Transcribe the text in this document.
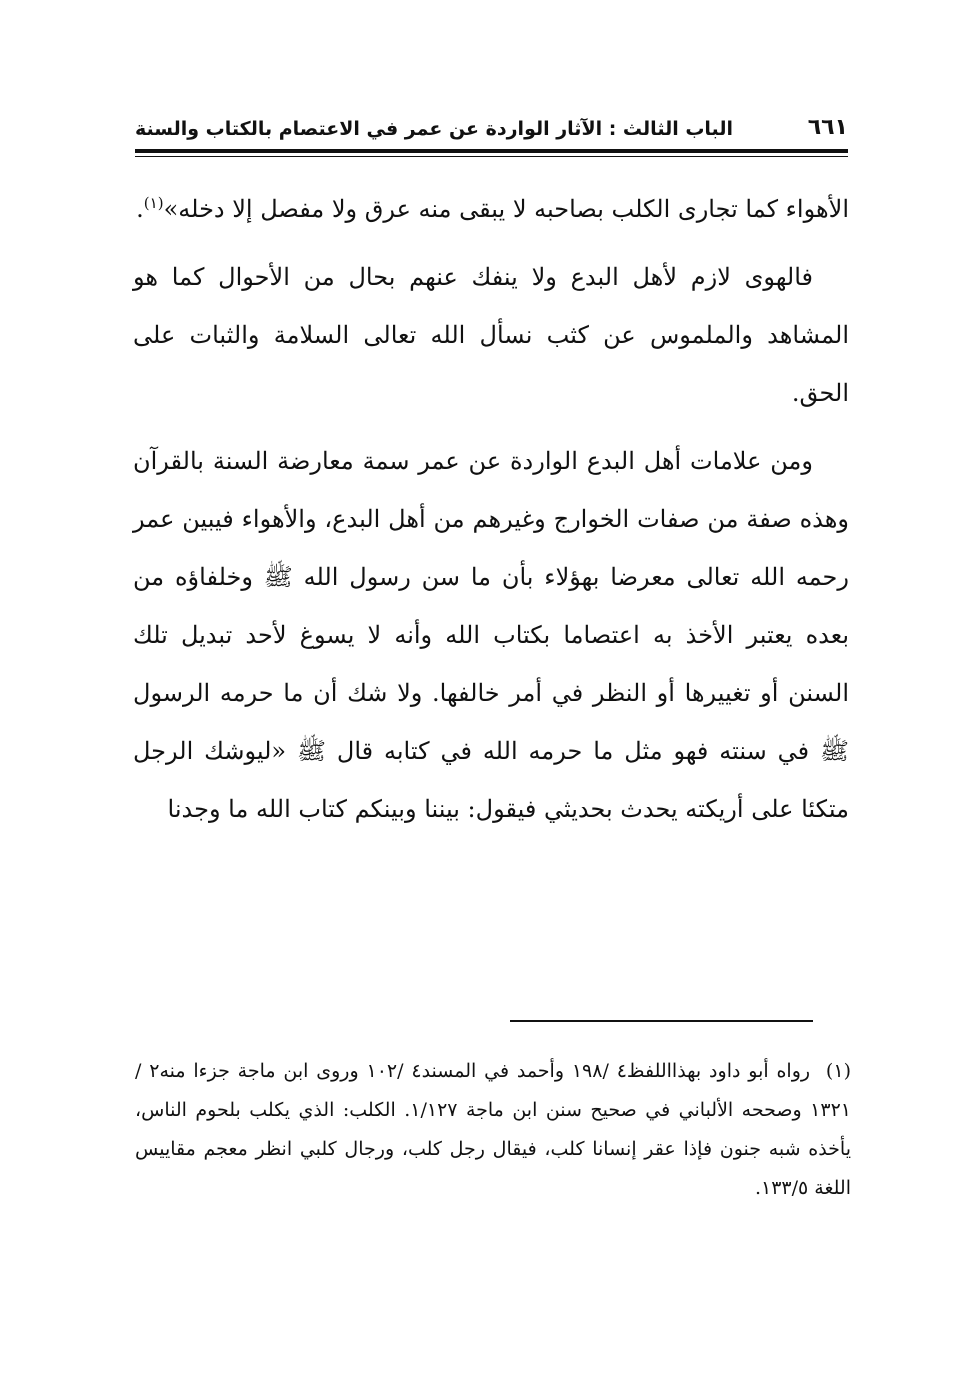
٦٦١
الباب الثالث : الآثار الواردة عن عمر في الاعتصام بالكتاب والسنة

الأهواء كما تجارى الكلب بصاحبه لا يبقى منه عرق ولا مفصل إلا دخله»$^{(١)}$.

فالهوى لازم لأهل البدع ولا ينفك عنهم بحال من الأحوال كما هو المشاهد والملموس عن كثب نسأل الله تعالى السلامة والثبات على الحق.

ومن علامات أهل البدع الواردة عن عمر سمة معارضة السنة بالقرآن وهذه صفة من صفات الخوارج وغيرهم من أهل البدع، والأهواء فيبين عمر رحمه الله تعالى معرضا بهؤلاء بأن ما سن رسول الله ﷺ وخلفاؤه من بعده يعتبر الأخذ به اعتصاما بكتاب الله وأنه لا يسوغ لأحد تبديل تلك السنن أو تغييرها أو النظر في أمر خالفها. ولا شك أن ما حرمه الرسول ﷺ في سنته فهو مثل ما حرمه الله في كتابه قال ﷺ «ليوشك الرجل متكئا على أريكته يحدث بحديثي فيقول: بيننا وبينكم كتاب الله ما وجدنا

(١) رواه أبو داود بهذااللفظ٤ /١٩٨ وأحمد في المسند٤ /١٠٢ وروى ابن ماجة جزءا منه٢ / ١٣٢١ وصححه الألباني في صحيح سنن ابن ماجة ١/١٢٧. الكلب: الذي يكلب بلحوم الناس، يأخذه شبه جنون فإذا عقر إنسانا كلب، فيقال رجل كلب، ورجال كلبي انظر معجم مقاييس اللغة ١٣٣/٥.
